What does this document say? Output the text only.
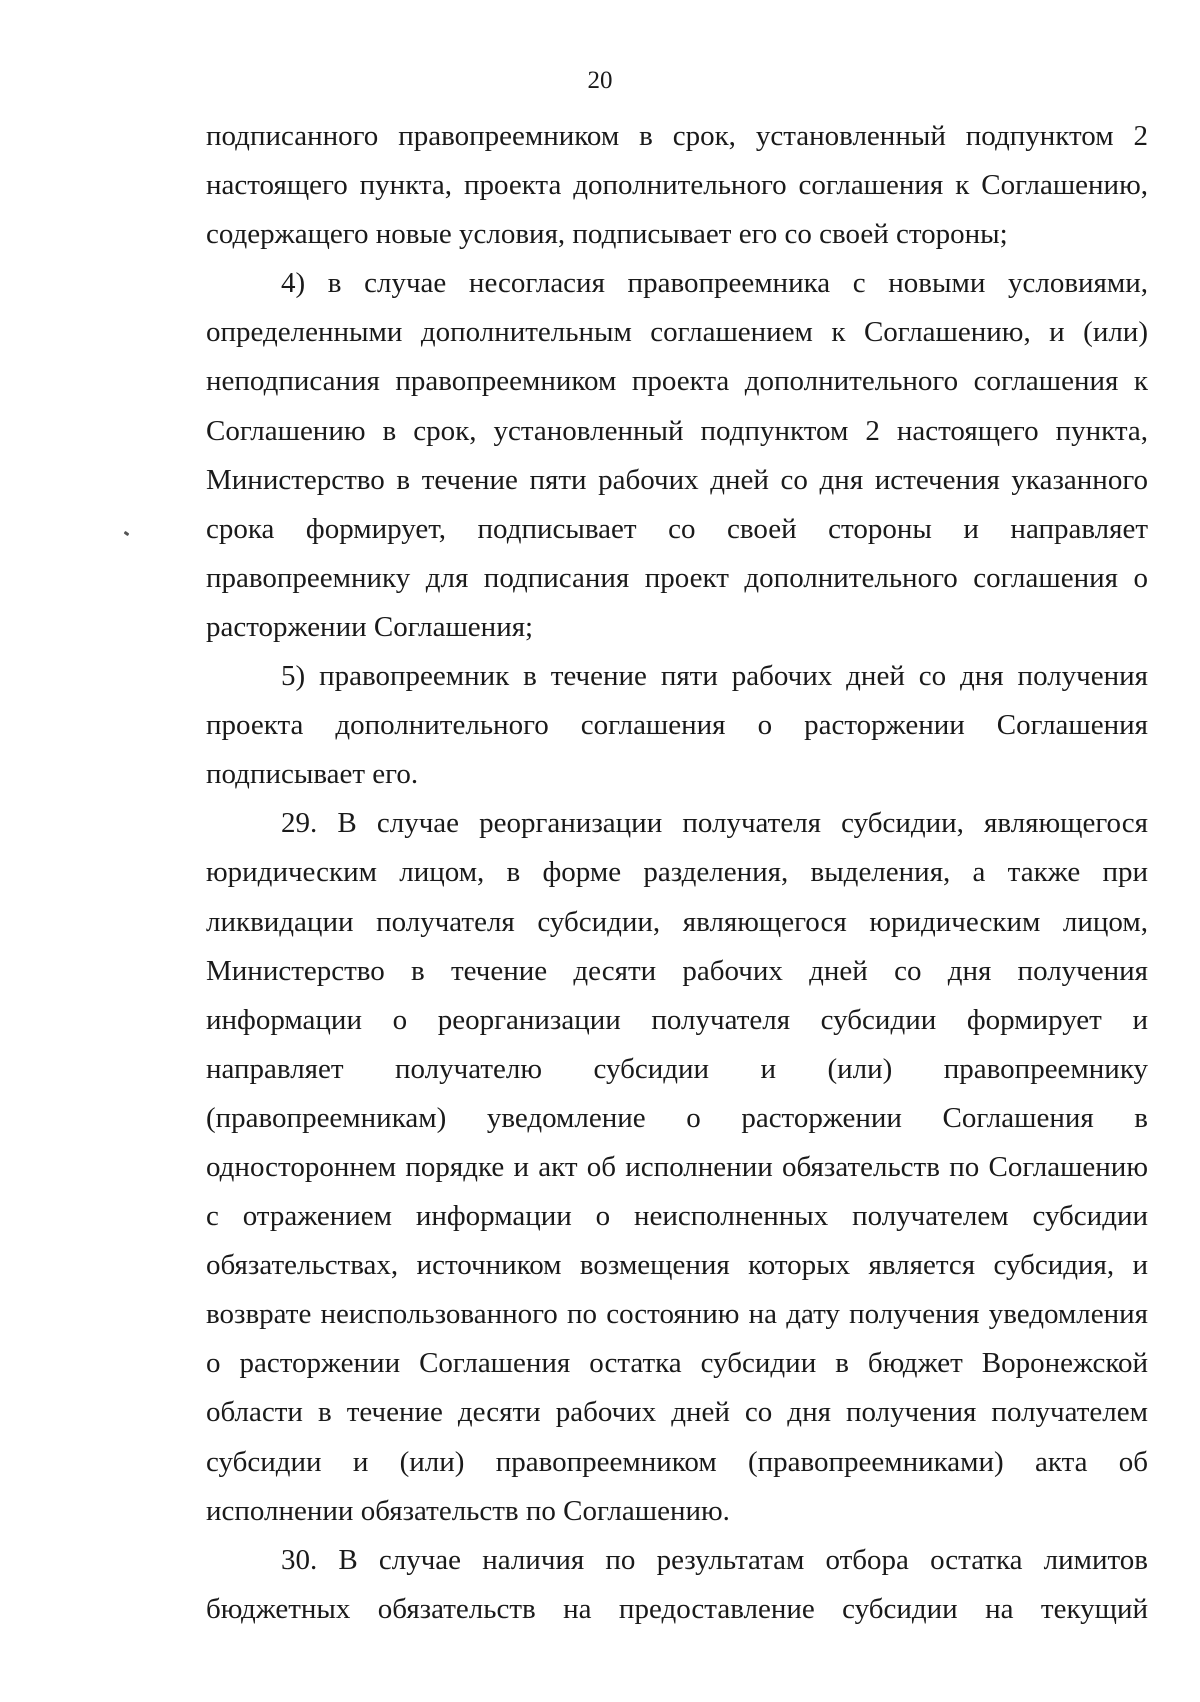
20

подписанного правопреемником в срок, установленный подпунктом 2 настоящего пункта, проекта дополнительного соглашения к Соглашению, содержащего новые условия, подписывает его со своей стороны;

4) в случае несогласия правопреемника с новыми условиями, определенными дополнительным соглашением к Соглашению, и (или) неподписания правопреемником проекта дополнительного соглашения к Соглашению в срок, установленный подпунктом 2 настоящего пункта, Министерство в течение пяти рабочих дней со дня истечения указанного срока формирует, подписывает со своей стороны и направляет правопреемнику для подписания проект дополнительного соглашения о расторжении Соглашения;

5) правопреемник в течение пяти рабочих дней со дня получения проекта дополнительного соглашения о расторжении Соглашения подписывает его.

29. В случае реорганизации получателя субсидии, являющегося юридическим лицом, в форме разделения, выделения, а также при ликвидации получателя субсидии, являющегося юридическим лицом, Министерство в течение десяти рабочих дней со дня получения информации о реорганизации получателя субсидии формирует и направляет получателю субсидии и (или) правопреемнику (правопреемникам) уведомление о расторжении Соглашения в одностороннем порядке и акт об исполнении обязательств по Соглашению с отражением информации о неисполненных получателем субсидии обязательствах, источником возмещения которых является субсидия, и возврате неиспользованного по состоянию на дату получения уведомления о расторжении Соглашения остатка субсидии в бюджет Воронежской области в течение десяти рабочих дней со дня получения получателем субсидии и (или) правопреемником (правопреемниками) акта об исполнении обязательств по Соглашению.

30. В случае наличия по результатам отбора остатка лимитов бюджетных обязательств на предоставление субсидии на текущий
